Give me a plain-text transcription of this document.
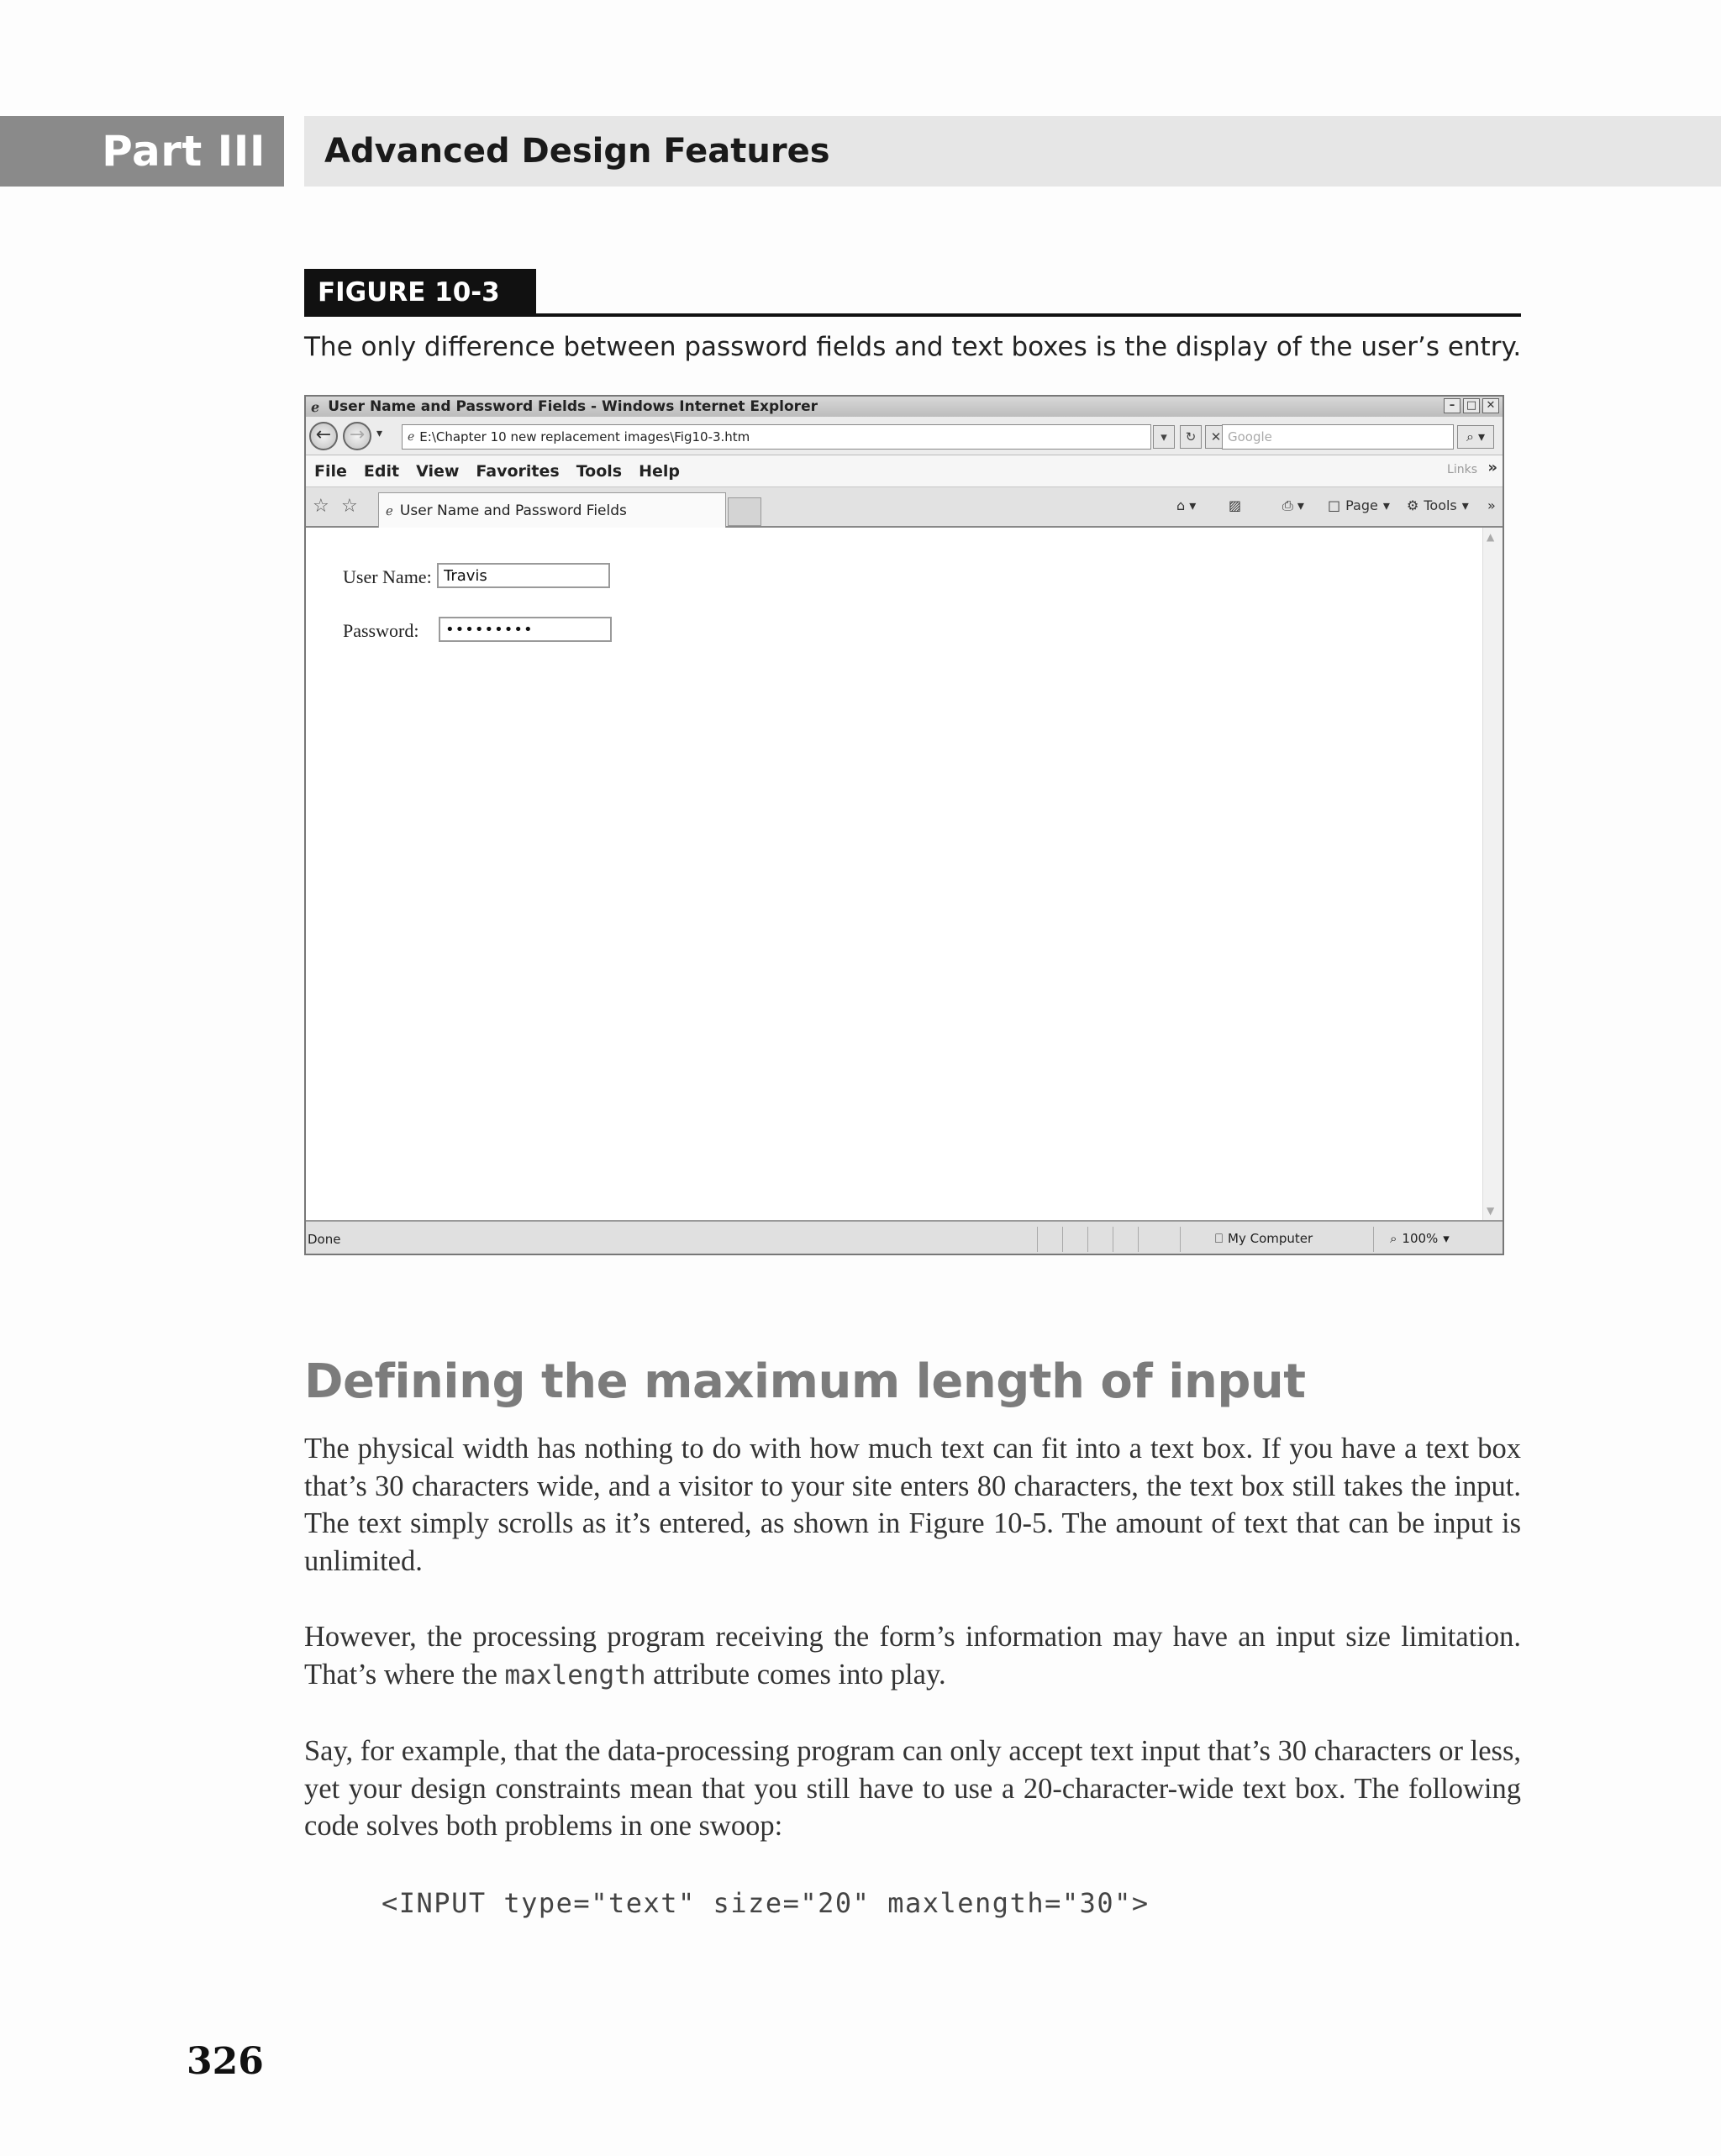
Part III Advanced Design Features
FIGURE 10-3
The only difference between password fields and text boxes is the display of the user’s entry.
ℯ User Name and Password Fields - Windows Internet Explorer	–	□ ✕
← → ▾ ℯ E:\Chapter 10 new replacement images\Fig10-3.htm	▾	↻	✕ Google	⌕ ▾
File Edit View Favorites Tools Help	Links »
☆ ☆ ℯ User Name and Password Fields	⌂ ▾ ▨	⎙ ▾ □ Page ▾ ⚙ Tools ▾ »
User Name:
Travis
Password:
•••••••••
▲
▼
Done	⎕ My Computer	⌕ 100% ▾
Defining the maximum length of input

The physical width has nothing to do with how much text can fit into a text box. If you have a text box that’s 30 characters wide, and a visitor to your site enters 80 characters, the text box still takes the input. The text simply scrolls as it’s entered, as shown in Figure 10-5. The amount of text that can be input is unlimited.

However, the processing program receiving the form’s information may have an input size limitation. That’s where the maxlength attribute comes into play.

Say, for example, that the data-processing program can only accept text input that’s 30 characters or less, yet your design constraints mean that you still have to use a 20-character-wide text box. The following code solves both problems in one swoop:

<INPUT type="text" size="20" maxlength="30">
326
